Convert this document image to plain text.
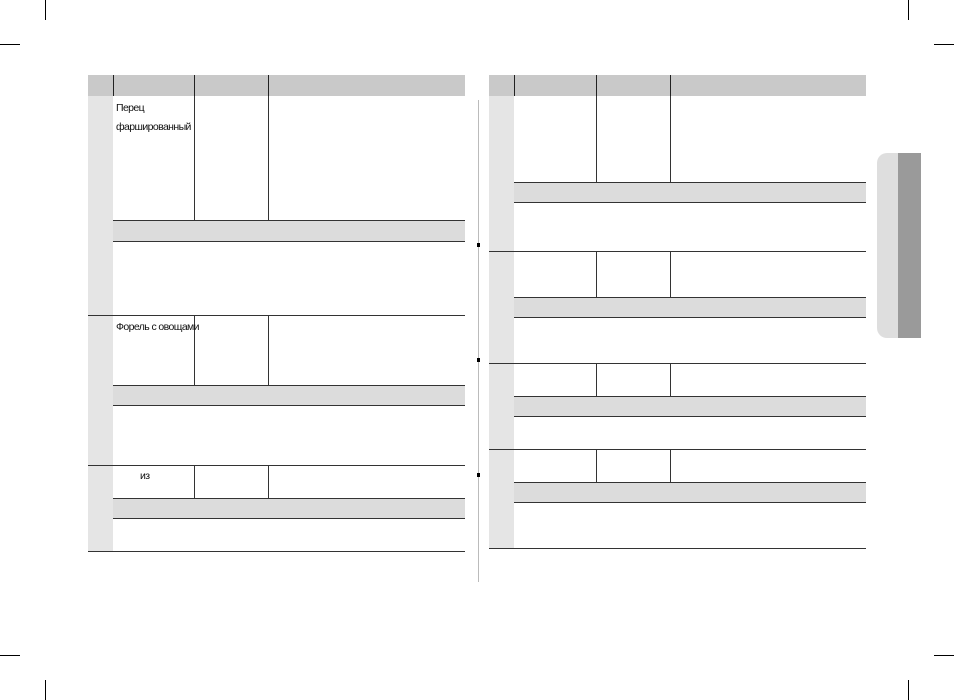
Перец фаршированный
Форель с овощами
из
